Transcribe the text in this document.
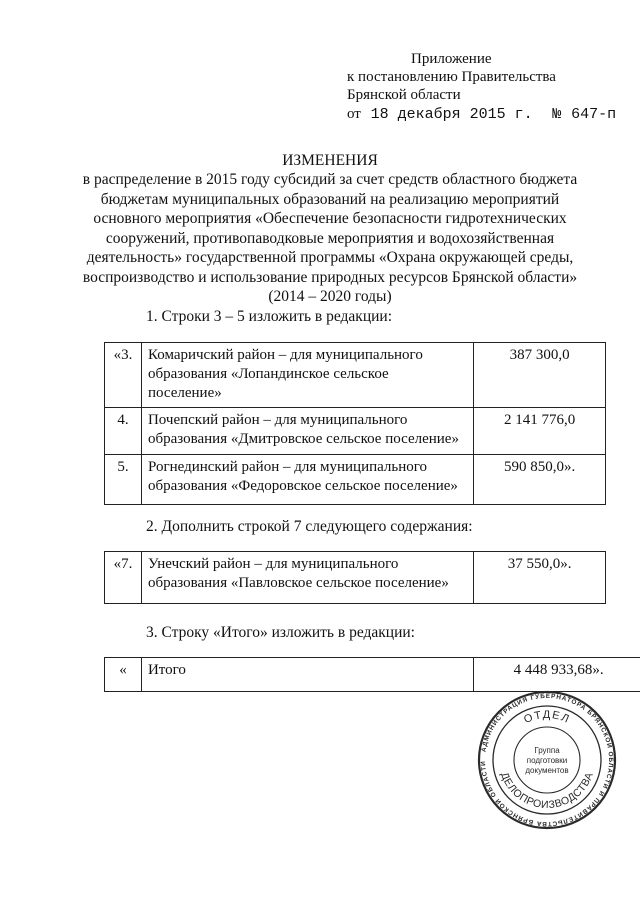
Приложение
к постановлению Правительства
Брянской области
от 18 декабря 2015 г. № 647-п
ИЗМЕНЕНИЯ
в распределение в 2015 году субсидий за счет средств областного бюджета
бюджетам муниципальных образований на реализацию мероприятий
основного мероприятия «Обеспечение безопасности гидротехнических
сооружений, противопаводковые мероприятия и водохозяйственная
деятельность» государственной программы «Охрана окружающей среды,
воспроизводство и использование природных ресурсов Брянской области»
(2014 – 2020 годы)
1. Строки 3 – 5 изложить в редакции:
«3.	Комаричский район – для муниципального
образования «Лопандинское сельское
поселение»	387 300,0
4.	Почепский район – для муниципального
образования «Дмитровское сельское поселение»	2 141 776,0
5.	Рогнединский район – для муниципального
образования «Федоровское сельское поселение»	590 850,0».
2. Дополнить строкой 7 следующего содержания:
«7.	Унечский район – для муниципального
образования «Павловское сельское поселение»
	37 550,0».
3. Строку «Итого» изложить в редакции:
«	Итого	4 448 933,68».
АДМИНИСТРАЦИЯ ГУБЕРНАТОРА БРЯНСКОЙ ОБЛАСТИ И ПРАВИТЕЛЬСТВА БРЯНСКОЙ ОБЛАСТИ
ОТДЕЛ
ДЕЛОПРОИЗВОДСТВА
Группа
подготовки
документов
